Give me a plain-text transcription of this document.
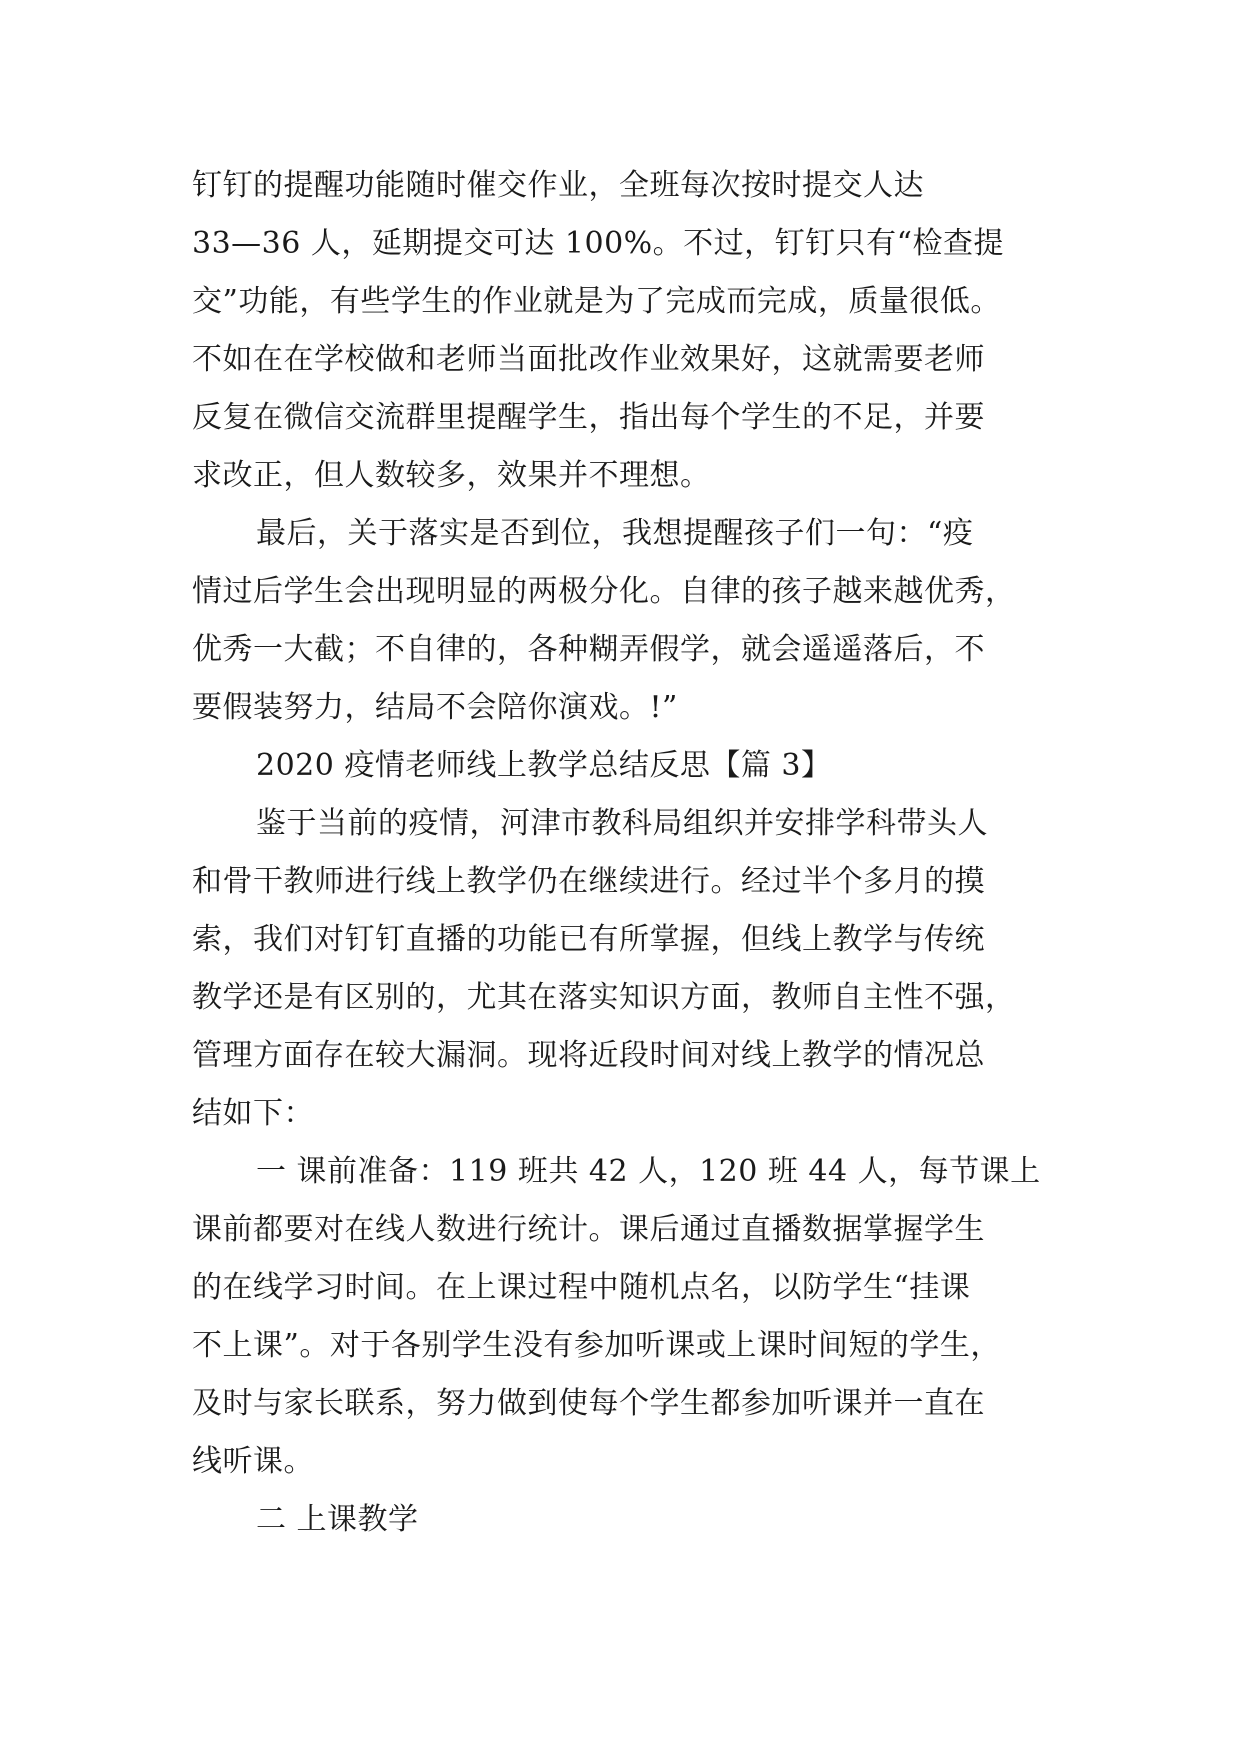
钉钉的提醒功能随时催交作业，全班每次按时提交人达
33—36 人，延期提交可达 100%。不过，钉钉只有“检查提
交”功能，有些学生的作业就是为了完成而完成，质量很低。
不如在在学校做和老师当面批改作业效果好，这就需要老师
反复在微信交流群里提醒学生，指出每个学生的不足，并要
求改正，但人数较多，效果并不理想。
最后，关于落实是否到位，我想提醒孩子们一句：“疫
情过后学生会出现明显的两极分化。自律的孩子越来越优秀，
优秀一大截；不自律的，各种糊弄假学，就会遥遥落后，不
要假装努力，结局不会陪你演戏。!”
2020 疫情老师线上教学总结反思【篇 3】
鉴于当前的疫情，河津市教科局组织并安排学科带头人
和骨干教师进行线上教学仍在继续进行。经过半个多月的摸
索，我们对钉钉直播的功能已有所掌握，但线上教学与传统
教学还是有区别的，尤其在落实知识方面，教师自主性不强，
管理方面存在较大漏洞。现将近段时间对线上教学的情况总
结如下：
一 课前准备：119 班共 42 人，120 班 44 人，每节课上
课前都要对在线人数进行统计。课后通过直播数据掌握学生
的在线学习时间。在上课过程中随机点名，以防学生“挂课
不上课”。对于各别学生没有参加听课或上课时间短的学生，
及时与家长联系，努力做到使每个学生都参加听课并一直在
线听课。
二 上课教学
